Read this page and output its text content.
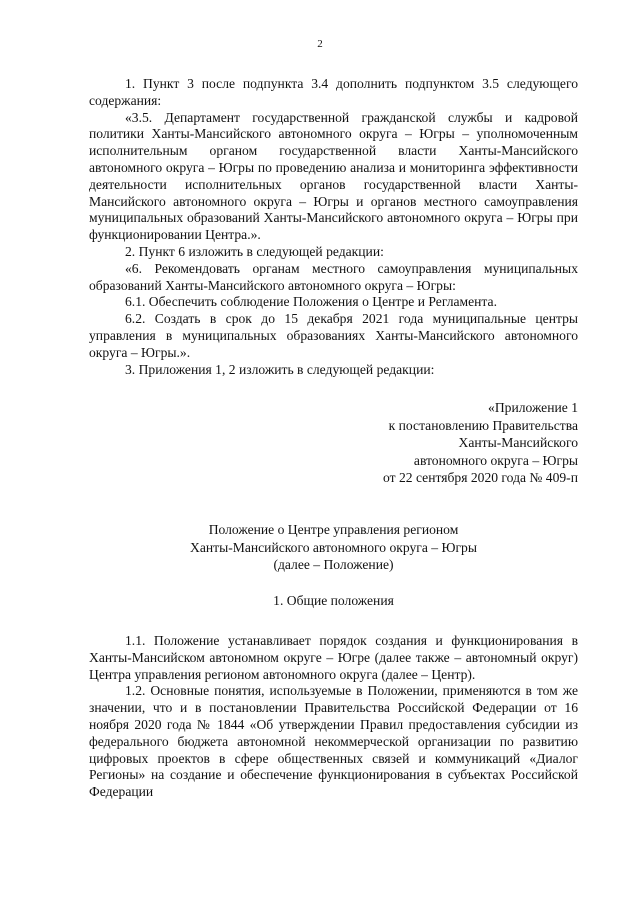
2

1. Пункт 3 после подпункта 3.4 дополнить подпунктом 3.5 следующего содержания:

«3.5. Департамент государственной гражданской службы и кадровой политики Ханты-Мансийского автономного округа – Югры – уполномоченным исполнительным органом государственной власти Ханты-Мансийского автономного округа – Югры по проведению анализа и мониторинга эффективности деятельности исполнительных органов государственной власти Ханты-Мансийского автономного округа – Югры и органов местного самоуправления муниципальных образований Ханты-Мансийского автономного округа – Югры при функционировании Центра.».

2. Пункт 6 изложить в следующей редакции:

«6. Рекомендовать органам местного самоуправления муниципальных образований Ханты-Мансийского автономного округа – Югры:

6.1. Обеспечить соблюдение Положения о Центре и Регламента.

6.2. Создать в срок до 15 декабря 2021 года муниципальные центры управления в муниципальных образованиях Ханты-Мансийского автономного округа – Югры.».

3. Приложения 1, 2 изложить в следующей редакции:

«Приложение 1
к постановлению Правительства
Ханты-Мансийского
автономного округа – Югры
от 22 сентября 2020 года № 409-п
Положение о Центре управления регионом
Ханты-Мансийского автономного округа – Югры
(далее – Положение)
1. Общие положения

1.1. Положение устанавливает порядок создания и функционирования в Ханты-Мансийском автономном округе – Югре (далее также – автономный округ) Центра управления регионом автономного округа (далее – Центр).

1.2. Основные понятия, используемые в Положении, применяются в том же значении, что и в постановлении Правительства Российской Федерации от 16 ноября 2020 года № 1844 «Об утверждении Правил предоставления субсидии из федерального бюджета автономной некоммерческой организации по развитию цифровых проектов в сфере общественных связей и коммуникаций «Диалог Регионы» на создание и обеспечение функционирования в субъектах Российской Федерации
